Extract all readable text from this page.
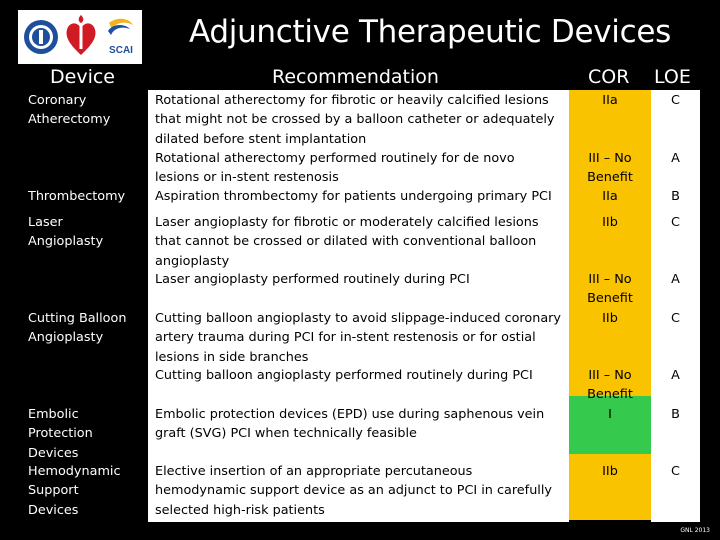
SCAI
Adjunctive Therapeutic Devices
Device	Recommendation	COR LOE
Coronary
Atherectomy
Thrombectomy
Laser
Angioplasty
Cutting Balloon
Angioplasty
Embolic
Protection
Devices
Hemodynamic
Support
Devices
Rotational atherectomy for fibrotic or heavily calcified lesions
that might not be crossed by a balloon catheter or adequately
dilated before stent implantation
Rotational atherectomy performed routinely for de novo
lesions or in-stent restenosis
Aspiration thrombectomy for patients undergoing primary PCI
Laser angioplasty for fibrotic or moderately calcified lesions
that cannot be crossed or dilated with conventional balloon
angioplasty
Laser angioplasty performed routinely during PCI
Cutting balloon angioplasty to avoid slippage-induced coronary
artery trauma during PCI for in-stent restenosis or for ostial
lesions in side branches
Cutting balloon angioplasty performed routinely during PCI
Embolic protection devices (EPD) use during saphenous vein
graft (SVG) PCI when technically feasible
Elective insertion of an appropriate percutaneous
hemodynamic support device as an adjunct to PCI in carefully
selected high-risk patients
IIa
III – No
Benefit
IIa
IIb
III – No
Benefit
IIb
III – No
Benefit
I
IIb
C
A
B
C
A
C
A
B
C
GNL 2013
